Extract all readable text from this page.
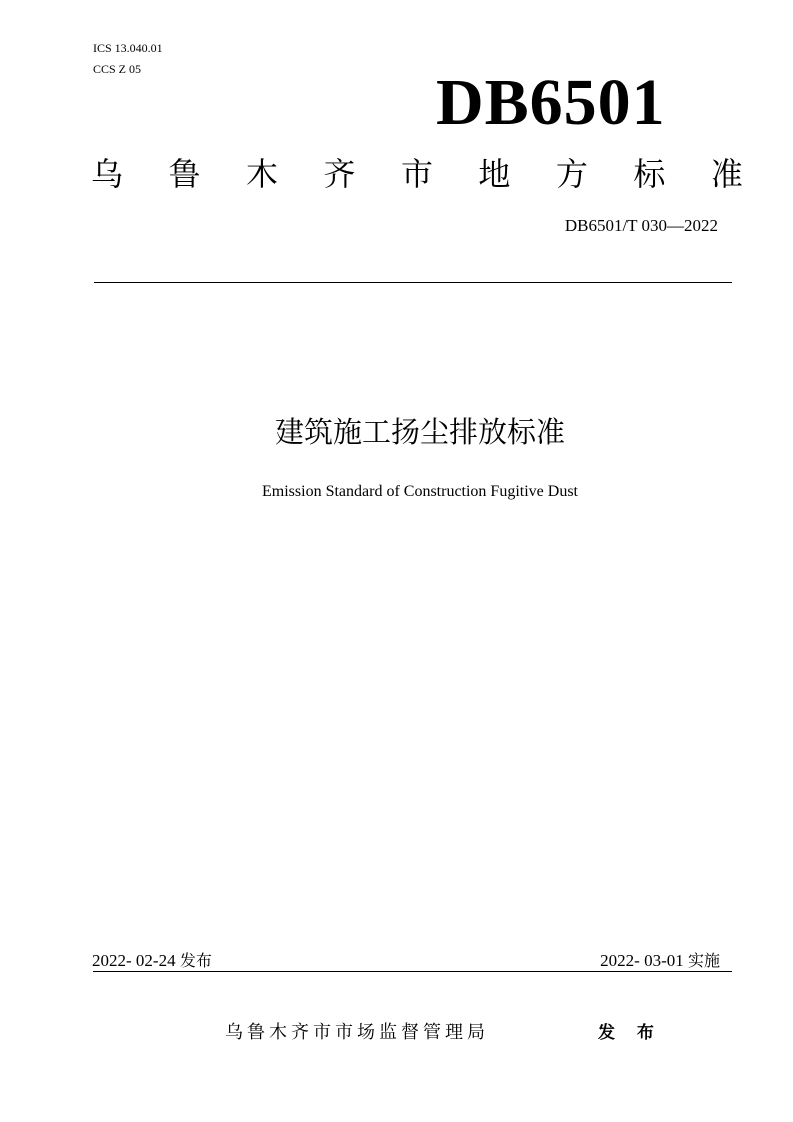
ICS 13.040.01
CCS Z 05	DB6501
乌 鲁 木 齐 市 地 方 标 准
DB6501/T 030—2022
建筑施工扬尘排放标准
Emission Standard of Construction Fugitive Dust
2022- 02-24 发布	2022- 03-01 实施
乌鲁木齐市市场监督管理局	发 布
